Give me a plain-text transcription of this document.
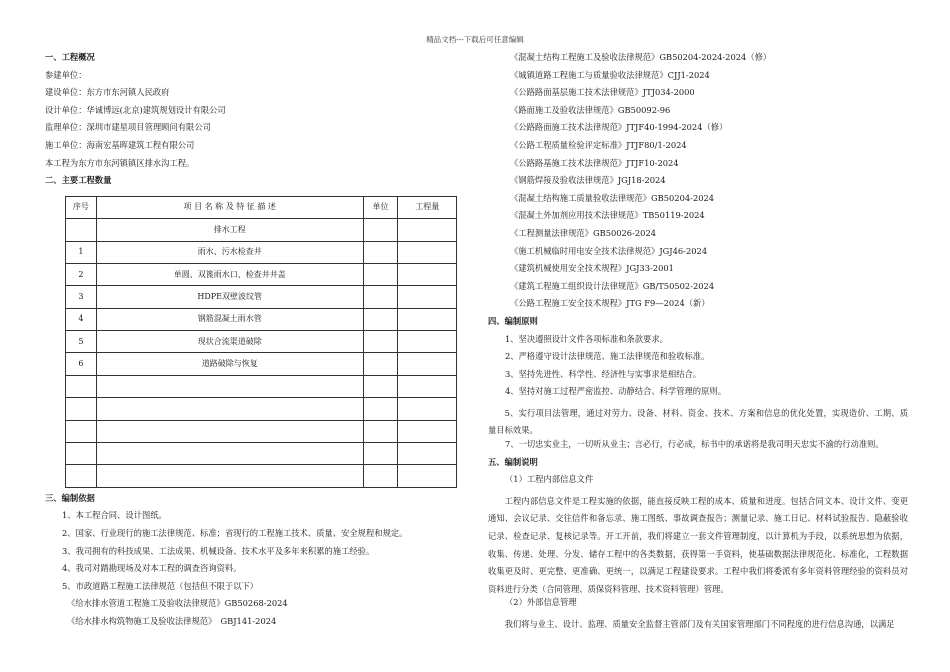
精品文档---下载后可任意编辑
一、工程概况
参建单位：
建设单位：东方市东河镇人民政府
设计单位：华诚博远(北京)建筑规划设计有限公司
监理单位：深圳市建星项目管理顾问有限公司
施工单位：海南宏基晖建筑工程有限公司
本工程为东方市东河镇镇区排水沟工程。
二、主要工程数量
序号	项 目 名 称 及 特 征 描 述	单位	工程量
	排水工程		
1	雨水、污水检查井		
2	单圆、双篦雨水口、检查井井盖		
3	HDPE双壁波纹管		
4	钢筋混凝土雨水管		
5	现状合流渠道破除		
6	道路破除与恢复		

三、编制依据
1、本工程合同、设计图纸。
2、国家、行业现行的施工法律规范、标准；省现行的工程施工技术、质量、安全规程和规定。
3、我司拥有的科技成果、工法成果、机械设备、技术水平及多年来积累的施工经验。
4、我司对踏勘现场及对本工程的调查咨询资料。
5、市政道路工程施工法律规范（包括但不限于以下）
《给水排水管道工程施工及验收法律规范》GB50268-2024
《给水排水构筑物施工及验收法律规范》　GBJ141-2024
《混凝土结构工程施工及验收法律规范》GB50204-2024-2024（修）
《城镇道路工程施工与质量验收法律规范》CJJ1-2024
《公路路面基层施工技术法律规范》JTJ034-2000
《路面施工及验收法律规范》GB50092-96
《公路路面施工技术法律规范》JTJF40-1994-2024（修）
《公路工程质量检验评定标准》JTJF80/1-2024
《公路路基施工技术法律规范》JTJF10-2024
《钢筋焊接及验收法律规范》JGJ18-2024
《混凝土结构施工质量验收法律规范》GB50204-2024
《混凝土外加剂应用技术法律规范》TB50119-2024
《工程测量法律规范》GB50026-2024
《施工机械临时用电安全技术法律规范》JGJ46-2024
《建筑机械使用安全技术规程》JGJ33-2001
《建筑工程施工组织设计法律规范》GB/T50502-2024
《公路工程施工安全技术规程》JTG F9—2024（新）
四、编制原则
1、坚决遵照设计文件各项标准和条款要求。
2、严格遵守设计法律规范、施工法律规范和验收标准。
3、坚持先进性、科学性、经济性与实事求是相结合。
4、坚持对施工过程严密监控、动静结合、科学管理的原则。

5、实行项目法管理，通过对劳力、设备、材料、资金、技术、方案和信息的优化处置，实现造价、工期、质量目标效果。

7、一切忠实业主，一切听从业主；言必行，行必成，标书中的承诺将是我司明天忠实不渝的行动准则。
五、编制说明
（1）工程内部信息文件

工程内部信息文件是工程实施的依据，能直接反映工程的成本、质量和进度。包括合同文本、设计文件、变更通知、会议记录、交往信件和备忘录、施工图纸、事故调查报告；测量记录、施工日记、材料试验报告、隐蔽验收记录、检查记录、复核记录等。开工开前，我们将建立一套文件管理制度，以计算机为手段，以系统思想为依据，收集、传递、处理、分发、储存工程中的各类数据，获得第一手资料，使基础数据法律规范化、标准化，工程数据收集更及时、更完整、更准确、更统一，以满足工程建设要求。工程中我们将委派有多年资料管理经验的资料员对资料进行分类（合同管理、质保资料管理、技术资料管理）管理。

（2）外部信息管理

我们将与业主、设计、监理、质量安全监督主管部门及有关国家管理部门不同程度的进行信息沟通，以满足
